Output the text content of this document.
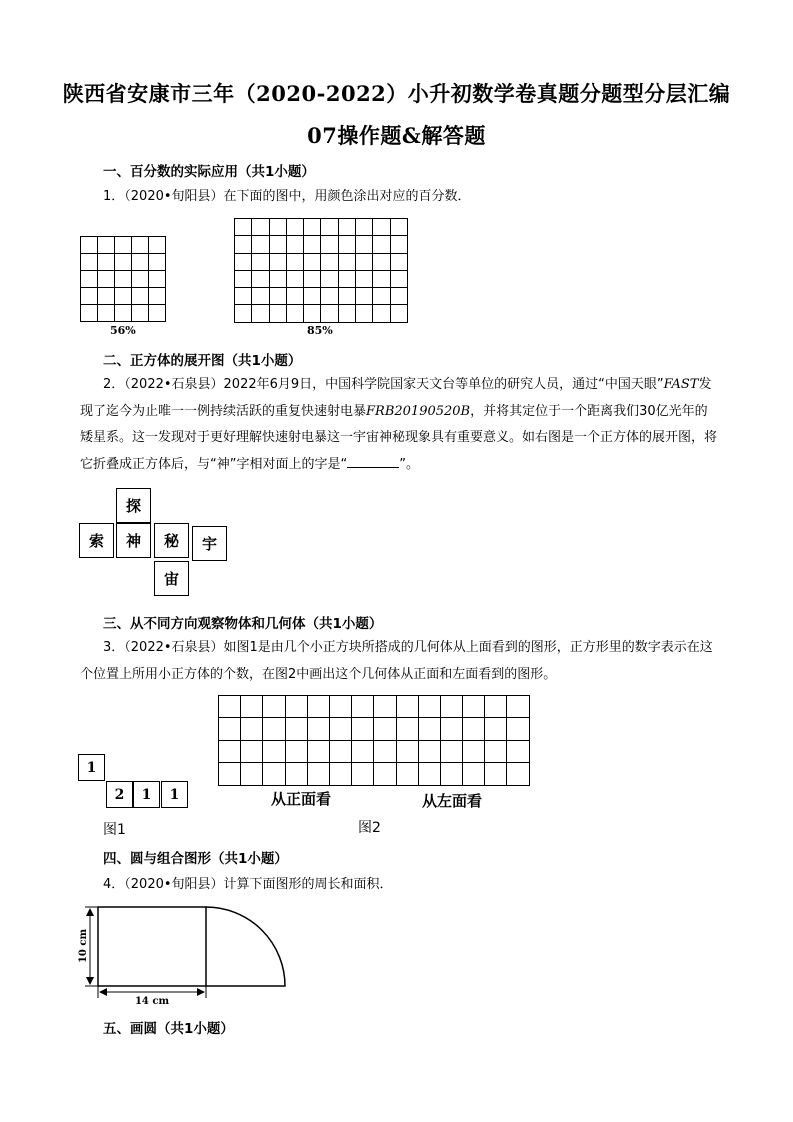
陕西省安康市三年（2020-2022）小升初数学卷真题分题型分层汇编
07操作题&解答题
一、百分数的实际应用（共1小题）
1．（2020•旬阳县）在下面的图中，用颜色涂出对应的百分数．
56%	85%
二、正方体的展开图（共1小题）
2．（2022•石泉县）2022年6月9日，中国科学院国家天文台等单位的研究人员，通过“中国天眼”FAST发现了迄今为止唯一一例持续活跃的重复快速射电暴FRB20190520B，并将其定位于一个距离我们30亿光年的矮星系。这一发现对于更好理解快速射电暴这一宇宙神秘现象具有重要意义。如右图是一个正方体的展开图，将它折叠成正方体后，与“神”字相对面上的字是“	”。
探
索	神	秘	宇
宙
三、从不同方向观察物体和几何体（共1小题）
3．（2022•石泉县）如图1是由几个小正方块所搭成的几何体从上面看到的图形，正方形里的数字表示在这个位置上所用小正方体的个数，在图2中画出这个几何体从正面和左面看到的图形。
1
2	1	1
图1
从正面看	从左面看
图2
四、圆与组合图形（共1小题）
4．（2020•旬阳县）计算下面图形的周长和面积．
10 cm
14 cm
五、画圆（共1小题）
